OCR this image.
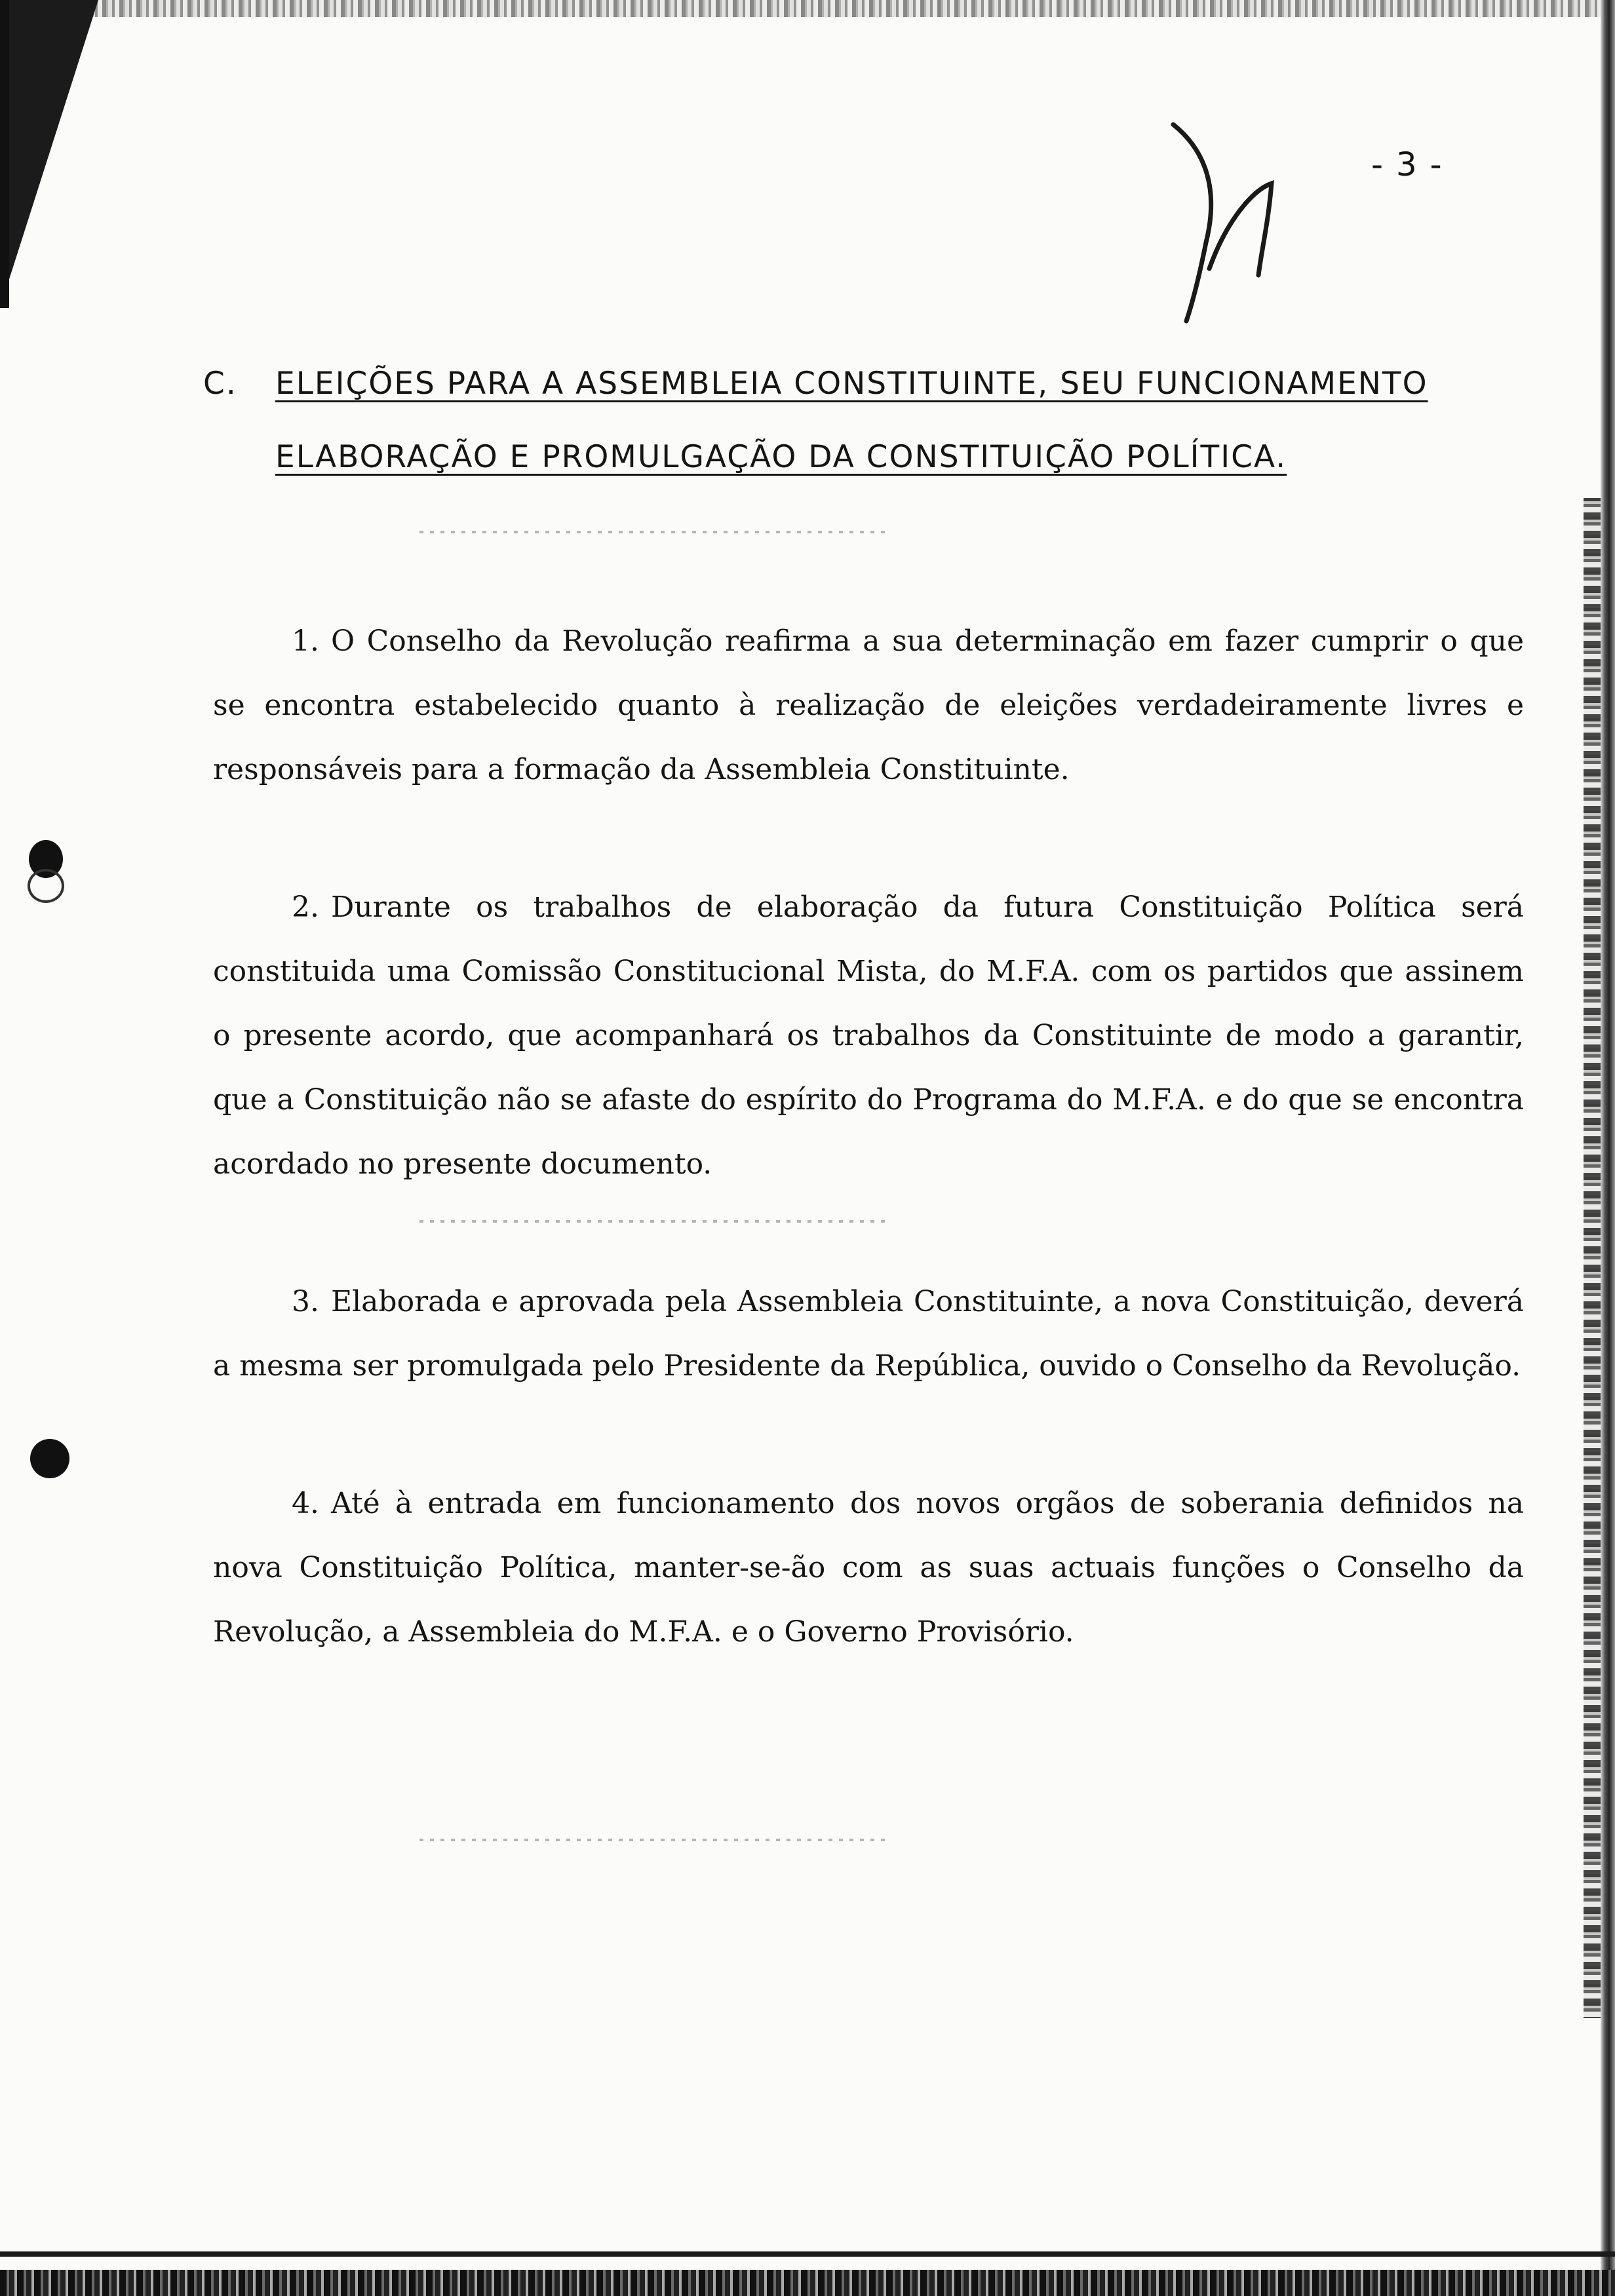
- 3 -
C. ELEIÇÕES PARA A ASSEMBLEIA CONSTITUINTE, SEU FUNCIONAMENTO
ELABORAÇÃO E PROMULGAÇÃO DA CONSTITUIÇÃO POLÍTICA.

1. O Conselho da Revolução reafirma a sua determinação em fazer cumprir o que se encontra estabelecido quanto à realização de eleições verdadeiramente livres e responsáveis para a formação da Assembleia Constituinte.

2. Durante os trabalhos de elaboração da futura Constituição Política será constituida uma Comissão Constitucional Mista, do M.F.A. com os partidos que assinem o presente acordo, que acompanhará os trabalhos da Constituinte de modo a garantir, que a Constituição não se afaste do espírito do Programa do M.F.A. e do que se encontra acordado no presente documento.

3. Elaborada e aprovada pela Assembleia Constituinte, a nova Constituição, deverá a mesma ser promulgada pelo Presidente da República, ouvido o Conselho da Revolução.

4. Até à entrada em funcionamento dos novos orgãos de soberania definidos na nova Constituição Política, manter-se-ão com as suas actuais funções o Conselho da Revolução, a Assembleia do M.F.A. e o Governo Provisório.
